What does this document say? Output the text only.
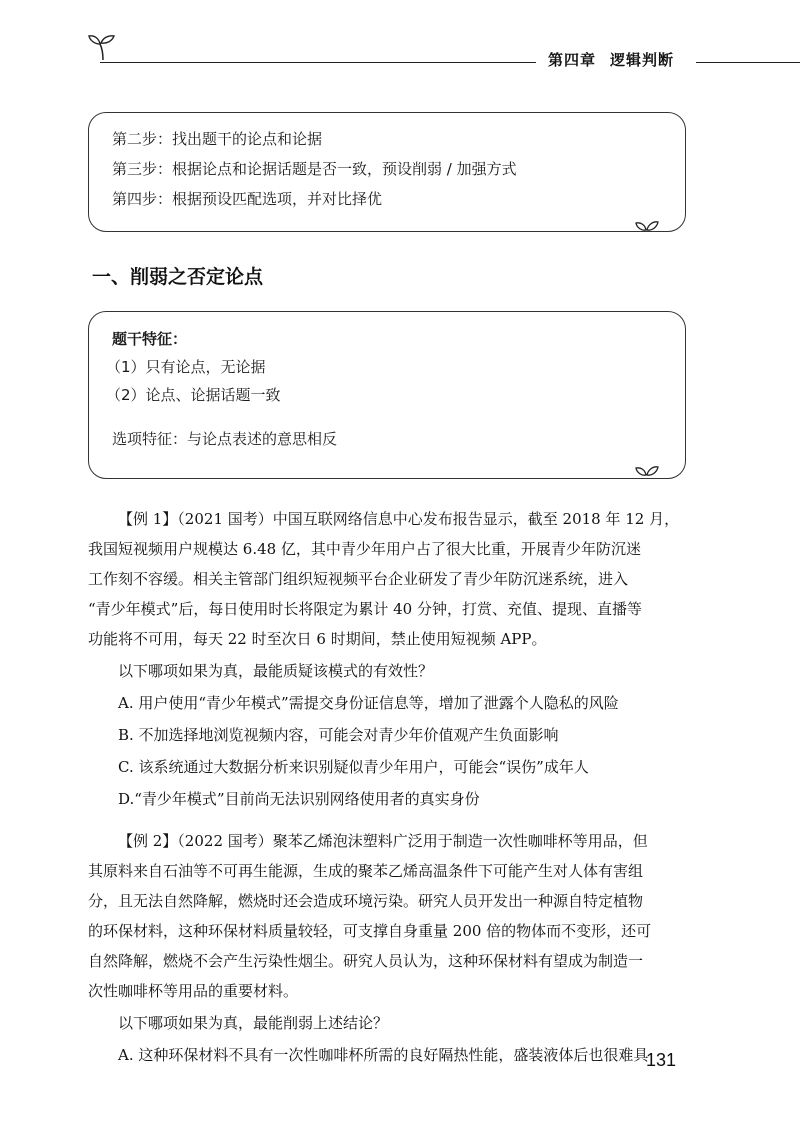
第四章 逻辑判断
第二步：找出题干的论点和论据
第三步：根据论点和论据话题是否一致，预设削弱 / 加强方式
第四步：根据预设匹配选项，并对比择优
一、削弱之否定论点
题干特征：
（1）只有论点，无论据
（2）论点、论据话题一致
选项特征：与论点表述的意思相反
【例 1】（2021 国考）中国互联网络信息中心发布报告显示，截至 2018 年 12 月，
我国短视频用户规模达 6.48 亿，其中青少年用户占了很大比重，开展青少年防沉迷
工作刻不容缓。相关主管部门组织短视频平台企业研发了青少年防沉迷系统，进入
“青少年模式”后，每日使用时长将限定为累计 40 分钟，打赏、充值、提现、直播等
功能将不可用，每天 22 时至次日 6 时期间，禁止使用短视频 APP。
以下哪项如果为真，最能质疑该模式的有效性？
A. 用户使用“青少年模式”需提交身份证信息等，增加了泄露个人隐私的风险
B. 不加选择地浏览视频内容，可能会对青少年价值观产生负面影响
C. 该系统通过大数据分析来识别疑似青少年用户，可能会“误伤”成年人
D.“青少年模式”目前尚无法识别网络使用者的真实身份
【例 2】（2022 国考）聚苯乙烯泡沫塑料广泛用于制造一次性咖啡杯等用品，但
其原料来自石油等不可再生能源，生成的聚苯乙烯高温条件下可能产生对人体有害组
分，且无法自然降解，燃烧时还会造成环境污染。研究人员开发出一种源自特定植物
的环保材料，这种环保材料质量较轻，可支撑自身重量 200 倍的物体而不变形，还可
自然降解，燃烧不会产生污染性烟尘。研究人员认为，这种环保材料有望成为制造一
次性咖啡杯等用品的重要材料。
以下哪项如果为真，最能削弱上述结论？
A. 这种环保材料不具有一次性咖啡杯所需的良好隔热性能，盛装液体后也很难具
131
